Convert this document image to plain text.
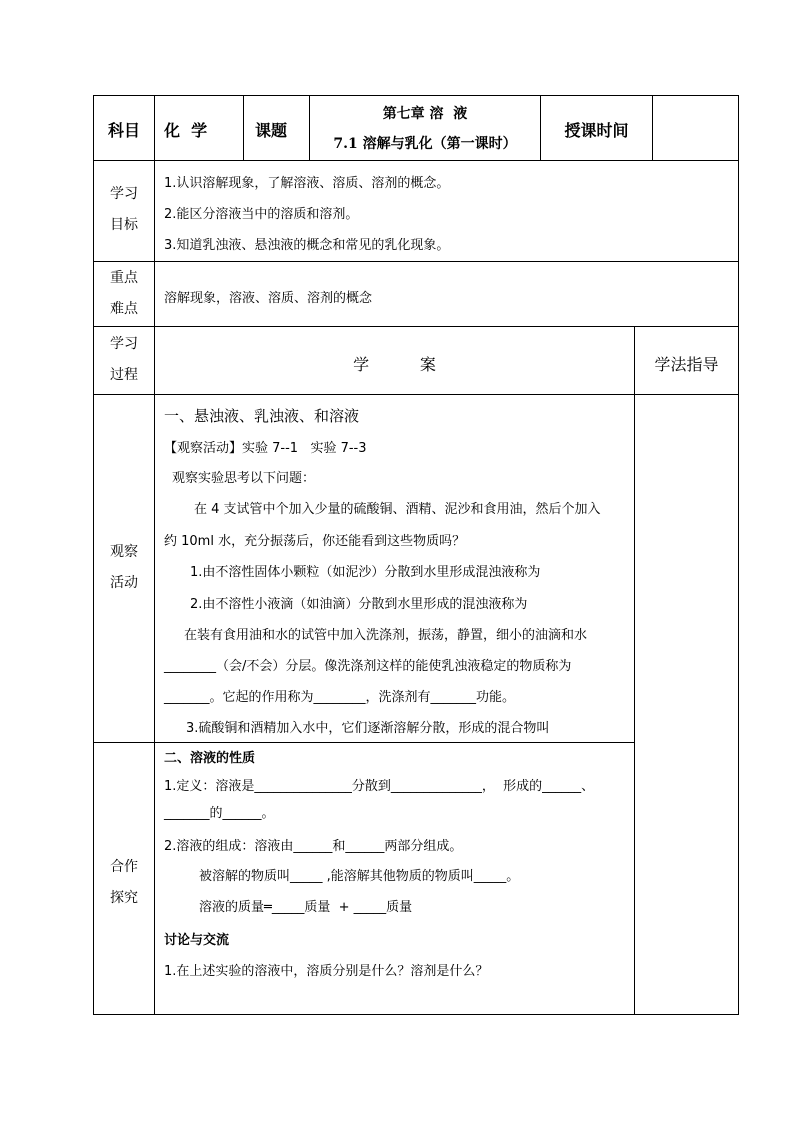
科目 化  学	课题
第七章 溶  液
7.1 溶解与乳化（第一课时）
授课时间
学习目标
1.认识溶解现象，了解溶液、溶质、溶剂的概念。
2.能区分溶液当中的溶质和溶剂。
3.知道乳浊液、悬浊液的概念和常见的乳化现象。
重点难点
溶解现象，溶液、溶质、溶剂的概念
学习过程
学          案	学法指导
观察活动
一、悬浊液、乳浊液、和溶液
【观察活动】实验 7--1   实验 7--3
观察实验思考以下问题：
在 4 支试管中个加入少量的硫酸铜、酒精、泥沙和食用油，然后个加入
约 10ml 水，充分振荡后，你还能看到这些物质吗？
1.由不溶性固体小颗粒（如泥沙）分散到水里形成混浊液称为
2.由不溶性小液滴（如油滴）分散到水里形成的混浊液称为
在装有食用油和水的试管中加入洗涤剂，振荡，静置，细小的油滴和水
________（会/不会）分层。像洗涤剂这样的能使乳浊液稳定的物质称为
_______。它起的作用称为________，洗涤剂有_______功能。
3.硫酸铜和酒精加入水中，它们逐渐溶解分散，形成的混合物叫
合作探究
二、溶液的性质
1.定义：溶液是_______________分散到______________，  形成的______、
_______的______。
2.溶液的组成：溶液由______和______两部分组成。
被溶解的物质叫_____ ,能溶解其他物质的物质叫_____。
溶液的质量═_____质量  + _____质量
讨论与交流
1.在上述实验的溶液中，溶质分别是什么？溶剂是什么？
